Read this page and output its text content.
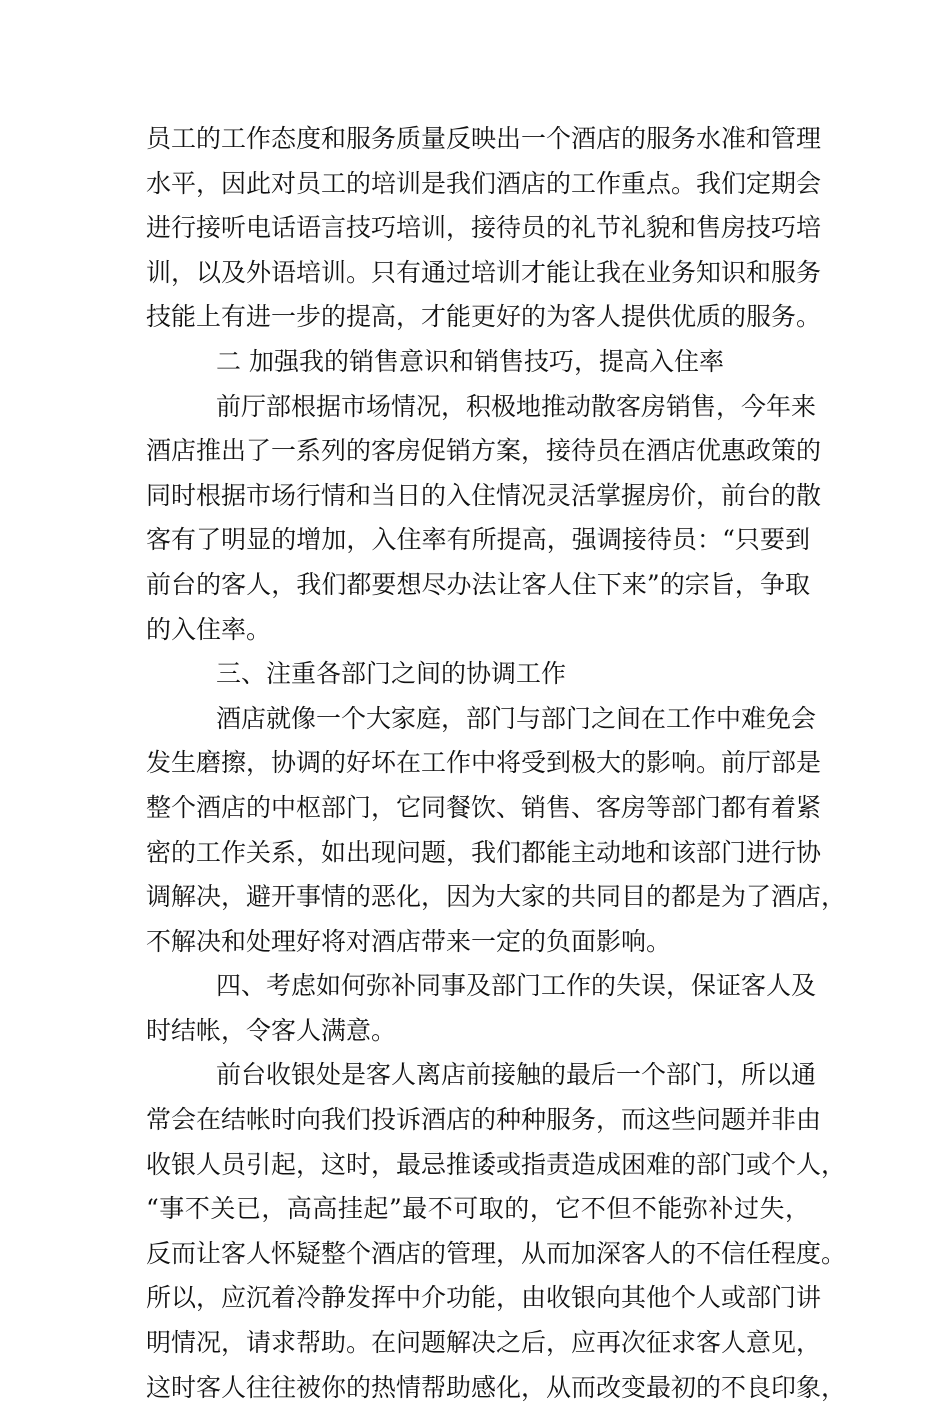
员工的工作态度和服务质量反映出一个酒店的服务水准和管理
水平，因此对员工的培训是我们酒店的工作重点。我们定期会
进行接听电话语言技巧培训，接待员的礼节礼貌和售房技巧培
训，以及外语培训。只有通过培训才能让我在业务知识和服务
技能上有进一步的提高，才能更好的为客人提供优质的服务。
二 加强我的销售意识和销售技巧，提高入住率
前厅部根据市场情况，积极地推动散客房销售，今年来
酒店推出了一系列的客房促销方案，接待员在酒店优惠政策的
同时根据市场行情和当日的入住情况灵活掌握房价，前台的散
客有了明显的增加，入住率有所提高，强调接待员：“只要到
前台的客人，我们都要想尽办法让客人住下来”的宗旨，争取
的入住率。
三、注重各部门之间的协调工作
酒店就像一个大家庭，部门与部门之间在工作中难免会
发生磨擦，协调的好坏在工作中将受到极大的影响。前厅部是
整个酒店的中枢部门，它同餐饮、销售、客房等部门都有着紧
密的工作关系，如出现问题，我们都能主动地和该部门进行协
调解决，避开事情的恶化，因为大家的共同目的都是为了酒店，
不解决和处理好将对酒店带来一定的负面影响。
四、考虑如何弥补同事及部门工作的失误，保证客人及
时结帐，令客人满意。
前台收银处是客人离店前接触的最后一个部门，所以通
常会在结帐时向我们投诉酒店的种种服务，而这些问题并非由
收银人员引起，这时，最忌推诿或指责造成困难的部门或个人，
“事不关已，高高挂起”最不可取的，它不但不能弥补过失，
反而让客人怀疑整个酒店的管理，从而加深客人的不信任程度。
所以，应沉着冷静发挥中介功能，由收银向其他个人或部门讲
明情况，请求帮助。在问题解决之后，应再次征求客人意见，
这时客人往往被你的热情帮助感化，从而改变最初的不良印象，
